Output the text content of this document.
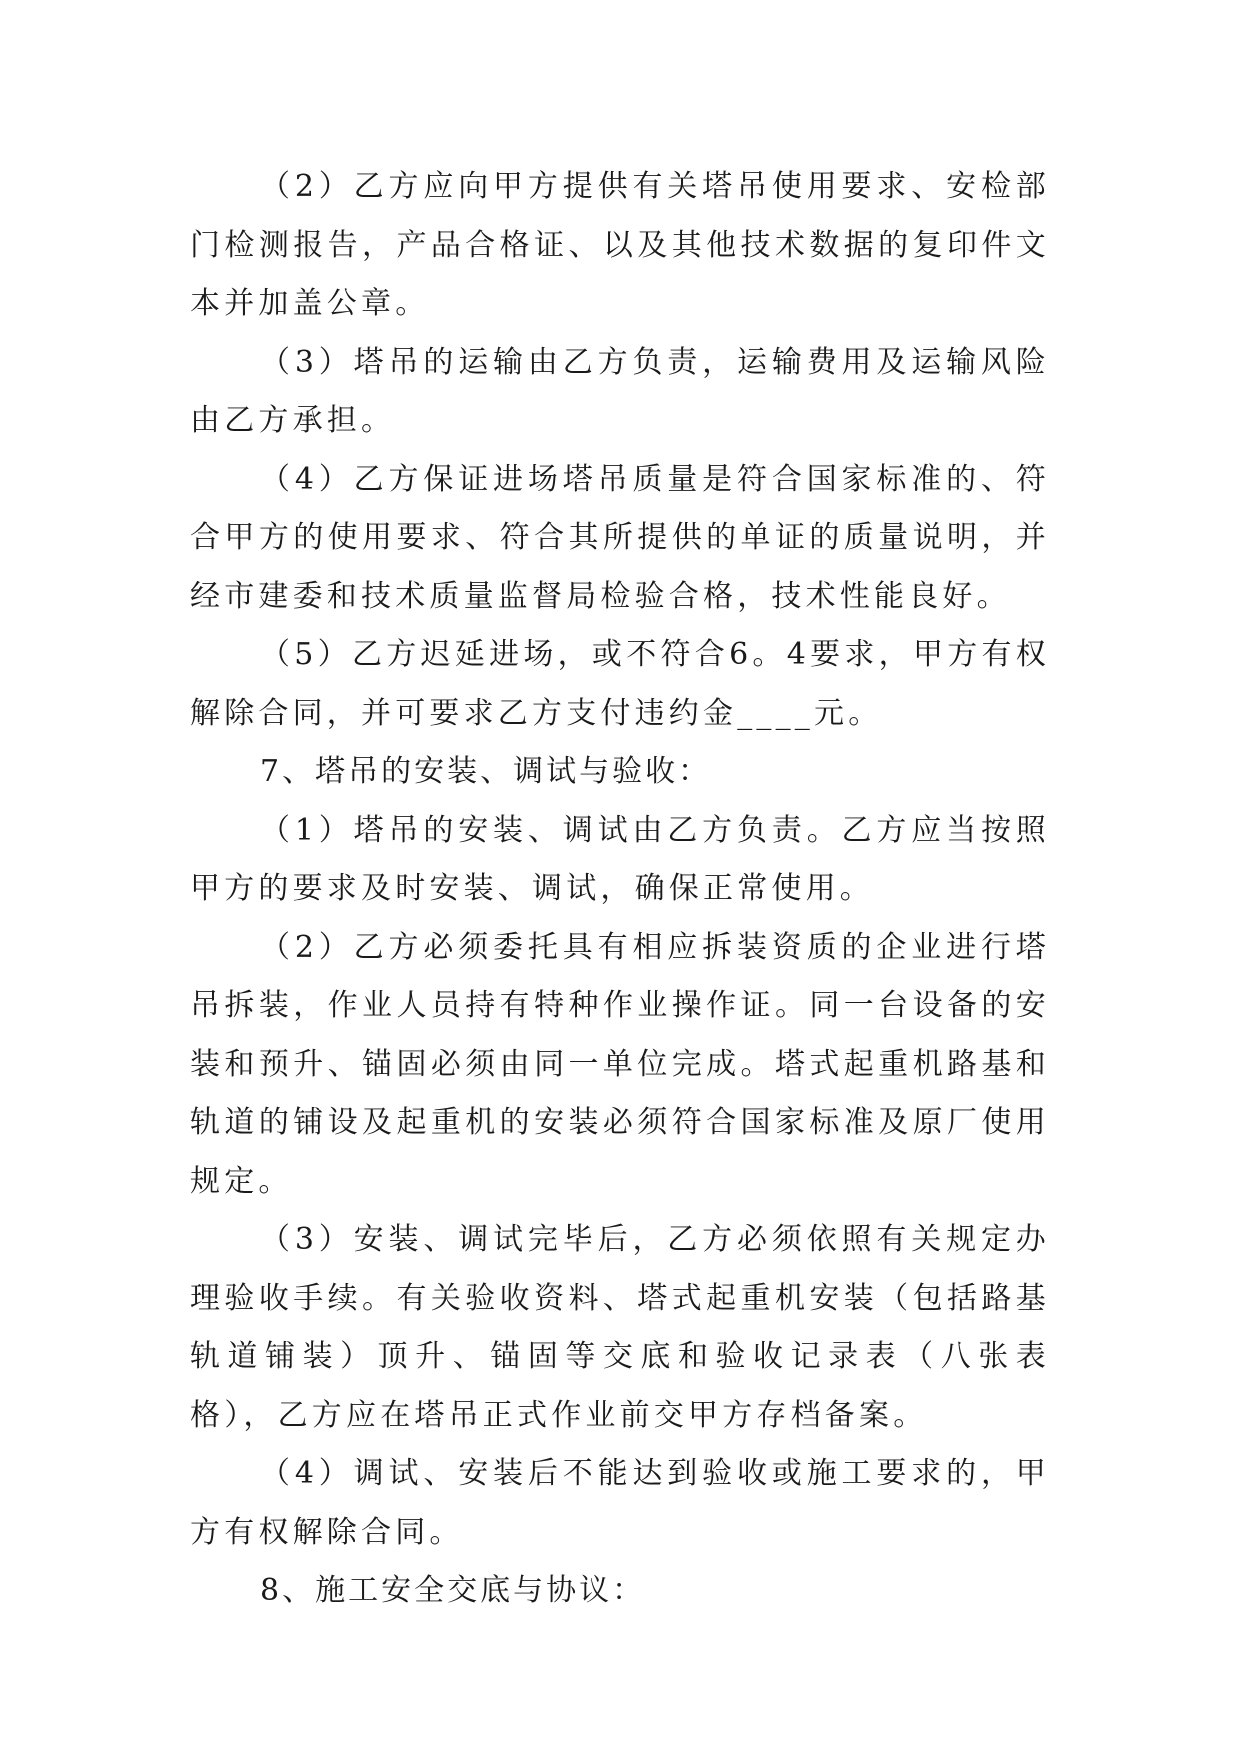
（2）乙方应向甲方提供有关塔吊使用要求、安检部门检测报告，产品合格证、以及其他技术数据的复印件文本并加盖公章。

（3）塔吊的运输由乙方负责，运输费用及运输风险由乙方承担。

（4）乙方保证进场塔吊质量是符合国家标准的、符合甲方的使用要求、符合其所提供的单证的质量说明，并经市建委和技术质量监督局检验合格，技术性能良好。

（5）乙方迟延进场，或不符合6。4要求，甲方有权解除合同，并可要求乙方支付违约金____元。

7、塔吊的安装、调试与验收：

（1）塔吊的安装、调试由乙方负责。乙方应当按照甲方的要求及时安装、调试，确保正常使用。

（2）乙方必须委托具有相应拆装资质的企业进行塔吊拆装，作业人员持有特种作业操作证。同一台设备的安装和预升、锚固必须由同一单位完成。塔式起重机路基和轨道的铺设及起重机的安装必须符合国家标准及原厂使用规定。

（3）安装、调试完毕后，乙方必须依照有关规定办理验收手续。有关验收资料、塔式起重机安装（包括路基轨道铺装）顶升、锚固等交底和验收记录表（八张表格），乙方应在塔吊正式作业前交甲方存档备案。

（4）调试、安装后不能达到验收或施工要求的，甲方有权解除合同。

8、施工安全交底与协议：
